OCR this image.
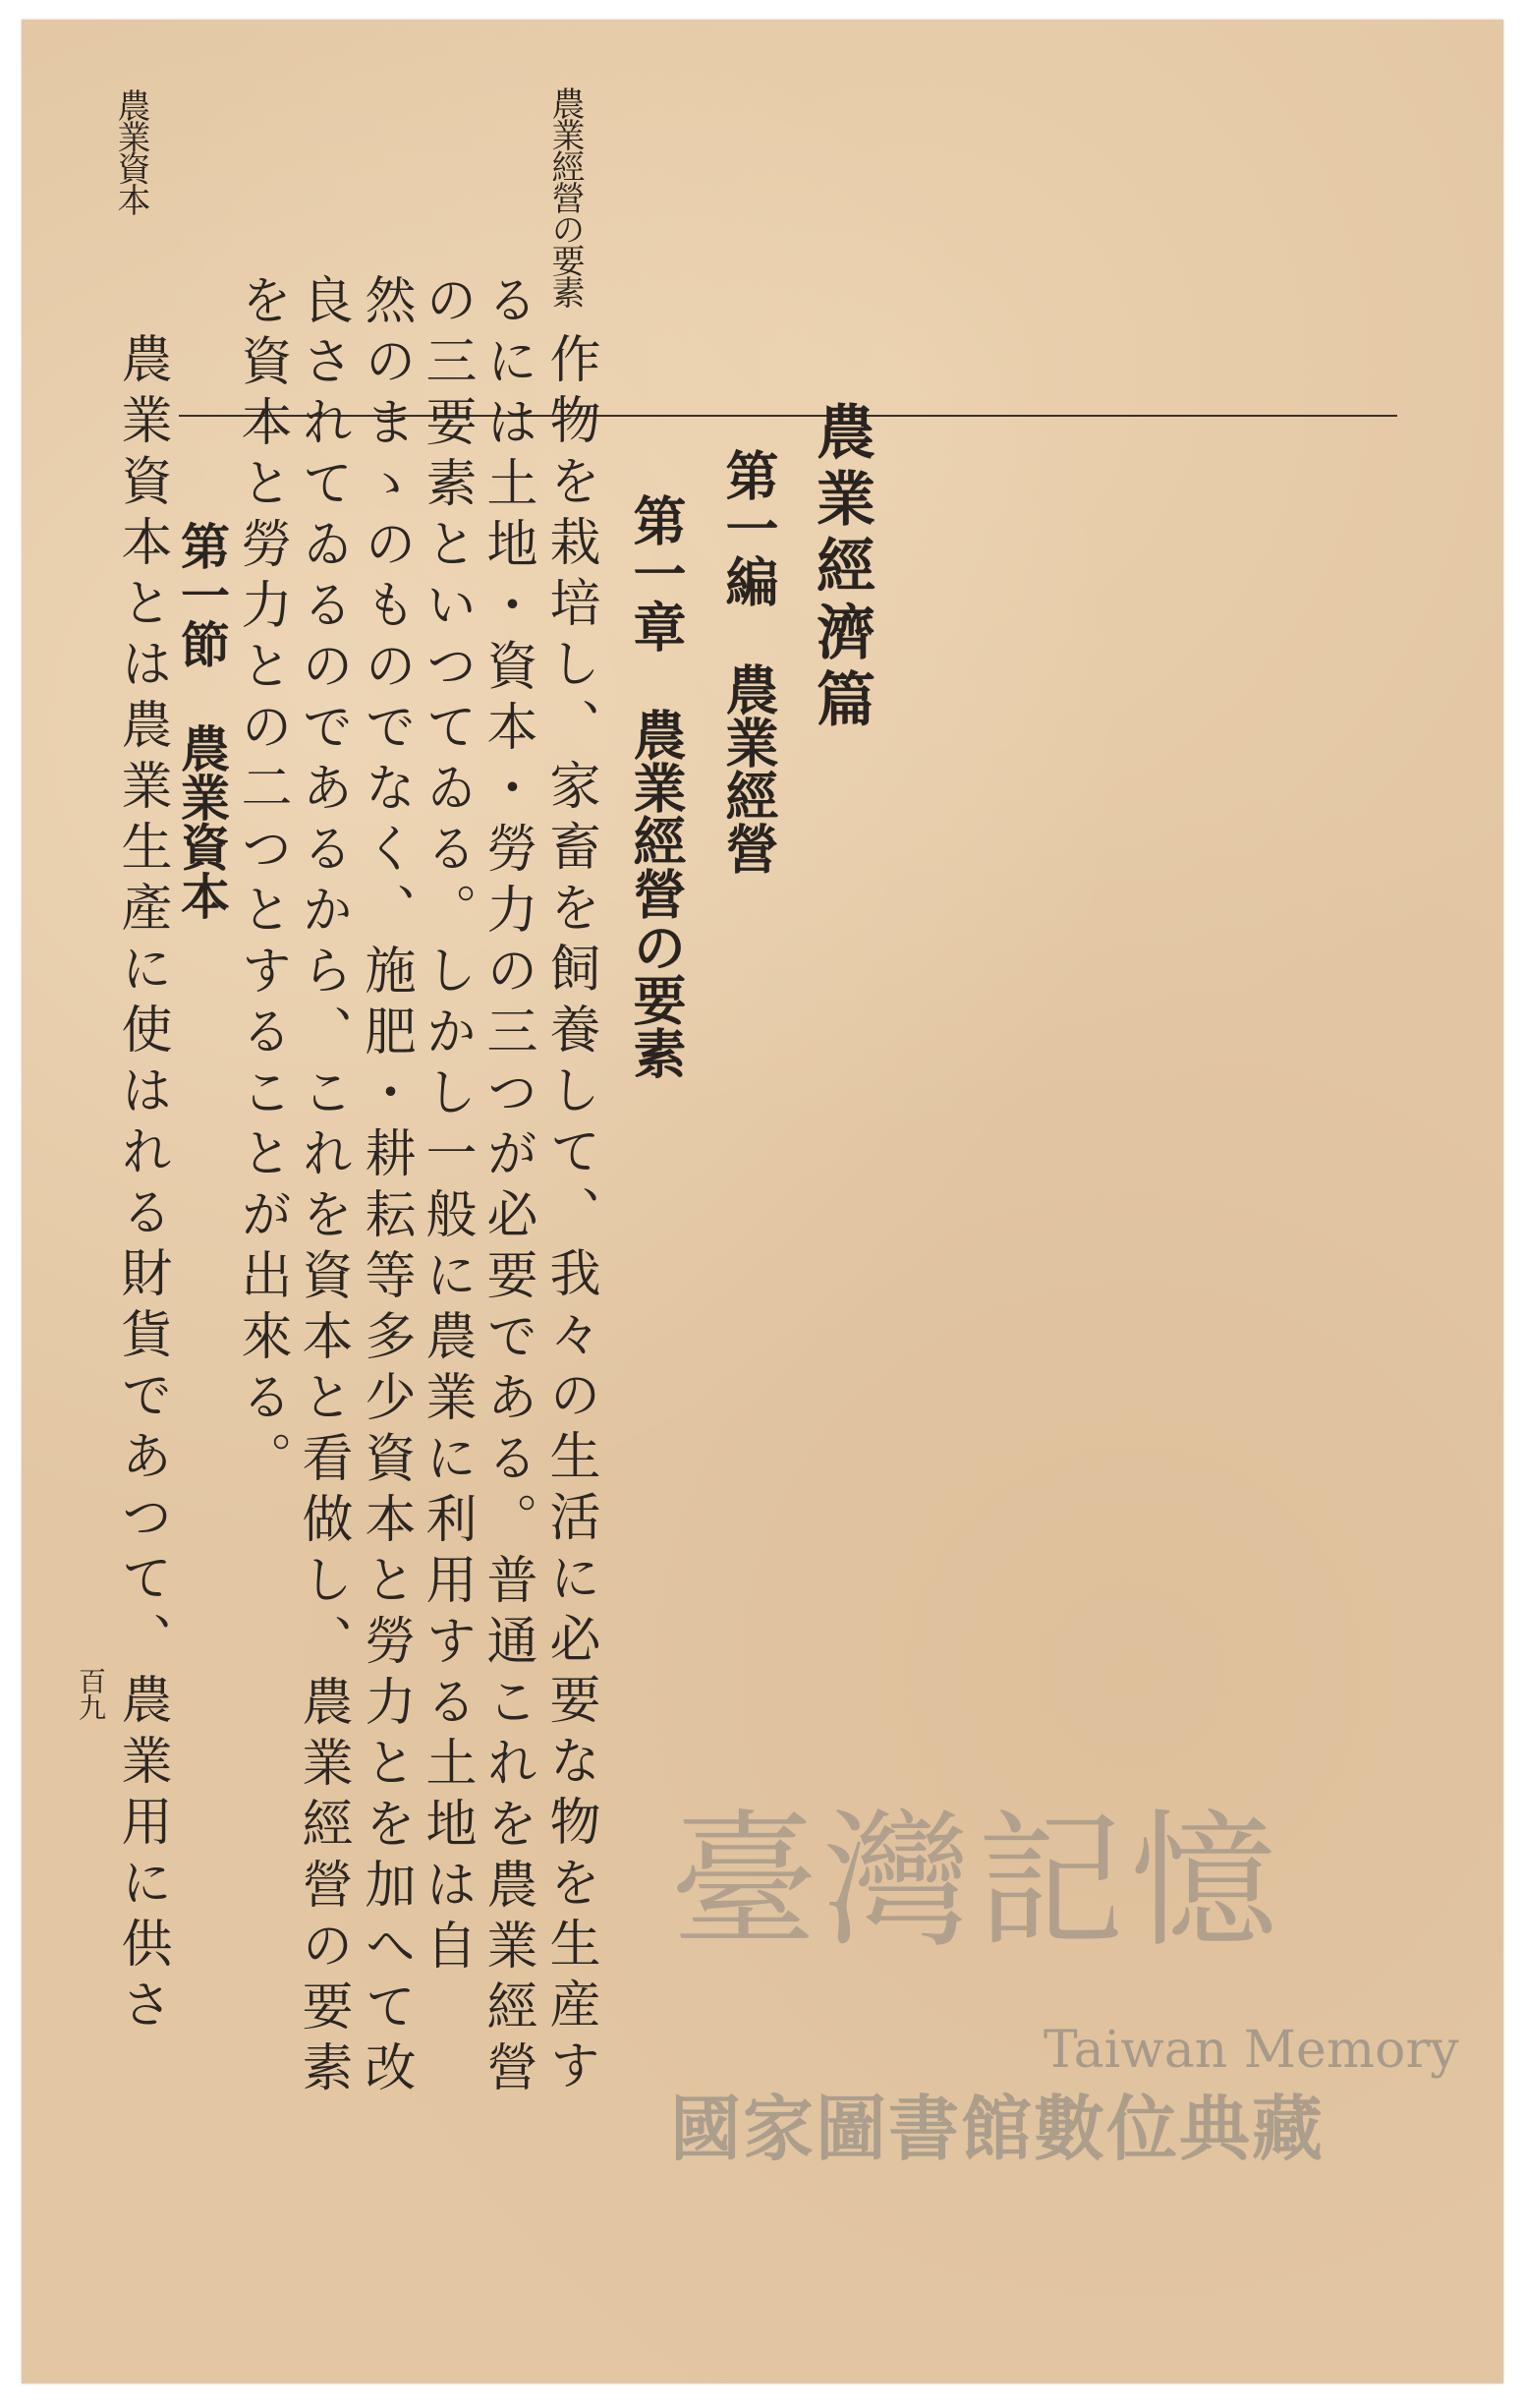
農業資本	農業經營の要素

農業經濟篇

第一編農業經營
第一章農業經營の要素

作物を栽培し、家畜を飼養して、我々の生活に必要な物を生産す

るには土地・資本・勞力の三つが必要である。普通これを農業經營

の三要素といつてゐる。しかし一般に農業に利用する土地は自

然のまゝのものでなく、施肥・耕耘等多少資本と勞力とを加へて改

良されてゐるのであるから、これを資本と看做し、農業經營の要素

を資本と勞力との二つとすることが出來る。

第一節農業資本

農業資本とは農業生產に使はれる財貨であつて、農業用に供さ

百九

臺灣記憶
Taiwan Memory
國家圖書館數位典藏
